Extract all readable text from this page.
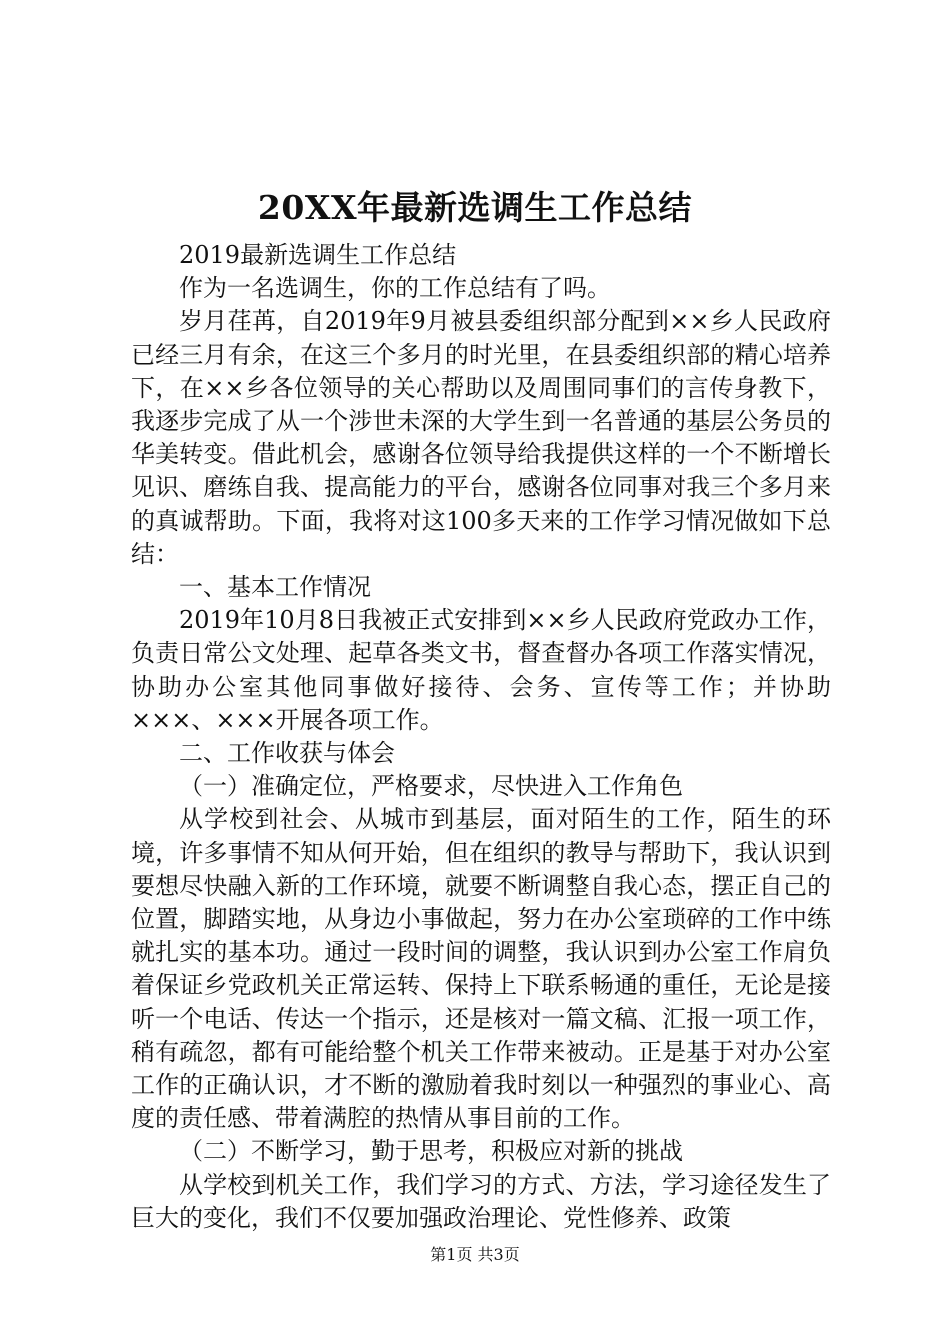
20XX年最新选调生工作总结

2019最新选调生工作总结

作为一名选调生，你的工作总结有了吗。

岁月荏苒，自2019年9月被县委组织部分配到××乡人民政府已经三月有余，在这三个多月的时光里，在县委组织部的精心培养下，在××乡各位领导的关心帮助以及周围同事们的言传身教下，我逐步完成了从一个涉世未深的大学生到一名普通的基层公务员的华美转变。借此机会，感谢各位领导给我提供这样的一个不断增长见识、磨练自我、提高能力的平台，感谢各位同事对我三个多月来的真诚帮助。下面，我将对这100多天来的工作学习情况做如下总结：

一、基本工作情况

2019年10月8日我被正式安排到××乡人民政府党政办工作，负责日常公文处理、起草各类文书，督查督办各项工作落实情况，协助办公室其他同事做好接待、会务、宣传等工作；并协助×××、×××开展各项工作。

二、工作收获与体会

（一）准确定位，严格要求，尽快进入工作角色

从学校到社会、从城市到基层，面对陌生的工作，陌生的环境，许多事情不知从何开始，但在组织的教导与帮助下，我认识到要想尽快融入新的工作环境，就要不断调整自我心态，摆正自己的位置，脚踏实地，从身边小事做起，努力在办公室琐碎的工作中练就扎实的基本功。通过一段时间的调整，我认识到办公室工作肩负着保证乡党政机关正常运转、保持上下联系畅通的重任，无论是接听一个电话、传达一个指示，还是核对一篇文稿、汇报一项工作，稍有疏忽，都有可能给整个机关工作带来被动。正是基于对办公室工作的正确认识，才不断的激励着我时刻以一种强烈的事业心、高度的责任感、带着满腔的热情从事目前的工作。

（二）不断学习，勤于思考，积极应对新的挑战

从学校到机关工作，我们学习的方式、方法，学习途径发生了巨大的变化，我们不仅要加强政治理论、党性修养、政策

第1页 共3页
